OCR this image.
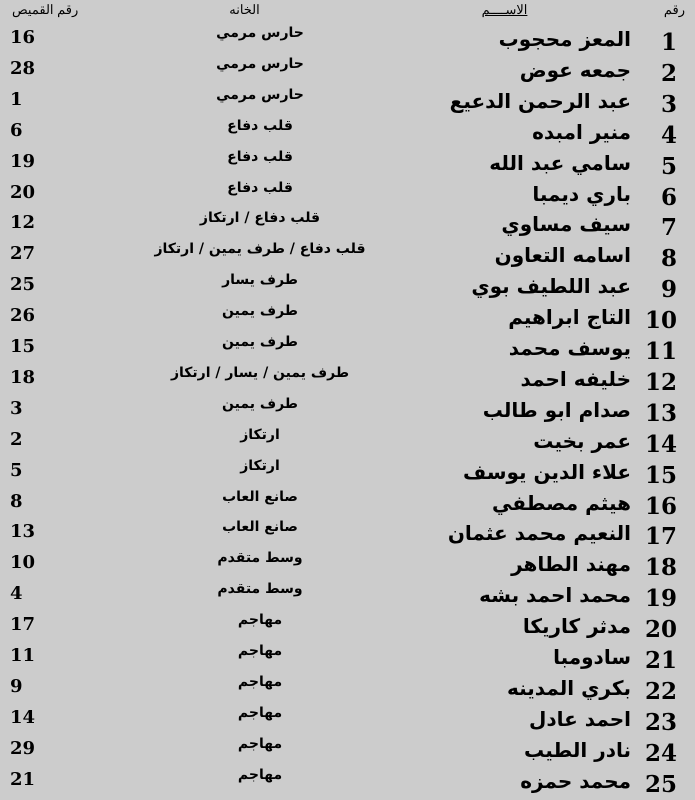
رقم
الاســــم
الخانه
رقم القميص
1
المعز محجوب
حارس مرمي
16
2
جمعه عوض
حارس مرمي
28
3
عبد الرحمن الدعيع
حارس مرمي
1
4
منير امبده
قلب دفاع
6
5
سامي عبد الله
قلب دفاع
19
6
باري ديمبا
قلب دفاع
20
7
سيف مساوي
قلب دفاع / ارتكاز
12
8
اسامه التعاون
قلب دفاع / طرف يمين / ارتكاز
27
9
عبد اللطيف بوي
طرف يسار
25
10
التاج ابراهيم
طرف يمين
26
11
يوسف محمد
طرف يمين
15
12
خليفه احمد
طرف يمين / يسار / ارتكاز
18
13
صدام ابو طالب
طرف يمين
3
14
عمر بخيت
ارتكاز
2
15
علاء الدين يوسف
ارتكاز
5
16
هيثم مصطفي
صانع العاب
8
17
النعيم محمد عثمان
صانع العاب
13
18
مهند الطاهر
وسط متقدم
10
19
محمد احمد بشه
وسط متقدم
4
20
مدثر كاريكا
مهاجم
17
21
سادومبا
مهاجم
11
22
بكري المدينه
مهاجم
9
23
احمد عادل
مهاجم
14
24
نادر الطيب
مهاجم
29
25
محمد حمزه
مهاجم
21
